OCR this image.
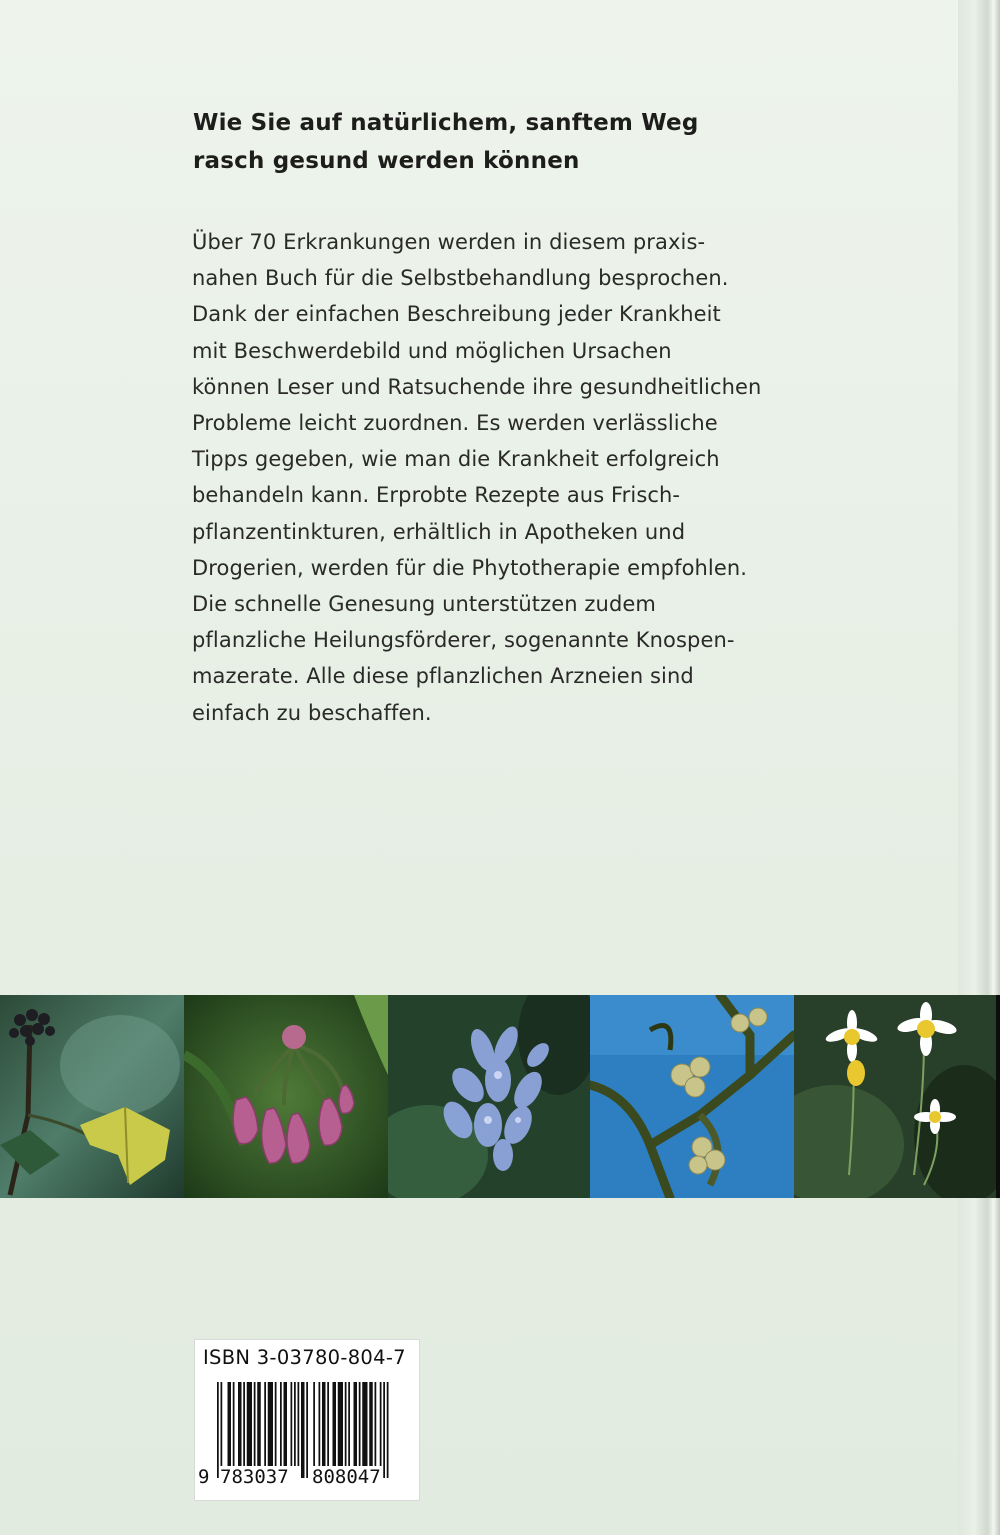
Wie Sie auf natürlichem, sanftem Weg
rasch gesund werden können
Über 70 Erkrankungen werden in diesem praxis-
nahen Buch für die Selbstbehandlung besprochen.
Dank der einfachen Beschreibung jeder Krankheit
mit Beschwerdebild und möglichen Ursachen
können Leser und Ratsuchende ihre gesundheitlichen
Probleme leicht zuordnen. Es werden verlässliche
Tipps gegeben, wie man die Krankheit erfolgreich
behandeln kann. Erprobte Rezepte aus Frisch-
pflanzentinkturen, erhältlich in Apotheken und
Drogerien, werden für die Phytotherapie empfohlen.
Die schnelle Genesung unterstützen zudem
pflanzliche Heilungsförderer, sogenannte Knospen-
mazerate. Alle diese pflanzlichen Arzneien sind
einfach zu beschaffen.
ISBN 3-03780-804-7
9 783037 808047
